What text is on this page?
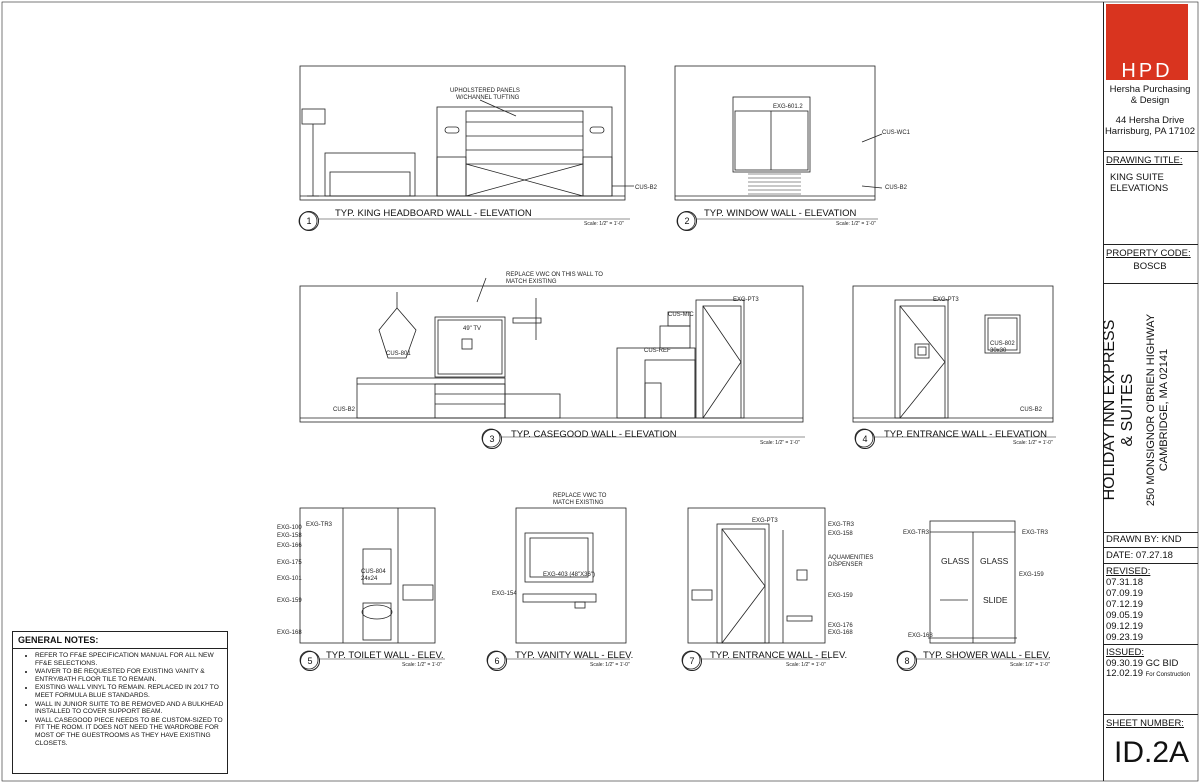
1
TYP. KING HEADBOARD WALL - ELEVATION
Scale: 1/2" = 1'-0"	2
TYP. WINDOW WALL - ELEVATION
Scale: 1/2" = 1'-0"
3	TYP. CASEGOOD WALL - ELEVATION
Scale: 1/2" = 1'-0"	4	TYP. ENTRANCE WALL - ELEVATION
Scale: 1/2" = 1'-0"
5	TYP. TOILET WALL - ELEV.
Scale: 1/2" = 1'-0"	6	TYP. VANITY WALL - ELEV.
Scale: 1/2" = 1'-0"	7	TYP. ENTRANCE WALL - ELEV.
Scale: 1/2" = 1'-0"	8	TYP. SHOWER WALL - ELEV.
Scale: 1/2" = 1'-0"
UPHOLSTERED PANELS
W/CHANNEL TUFTING
CUS-B2
EXG-601.2
CUS-WC1
CUS-B2
REPLACE VWC ON THIS WALL TO
MATCH EXISTING
49" TV
CUS-801
CUS-MIC
CUS-REF
EXG-PT3
CUS-B2
EXG-PT3
CUS-802
30x30
CUS-B2
EXG-100 EXG-TR3
EXG-158
EXG-166
EXG-175
EXG-101
EXG-159
EXG-168
CUS-804
24x24
REPLACE VWC TO
MATCH EXISTING
EXG-403 (48"X36")
EXG-154
EXG-PT3
EXG-TR3
EXG-158
AQUAMENITIES
DISPENSER
EXG-159
EXG-176
EXG-168
EXG-TR3	EXG-TR3
EXG-159
EXG-168
GLASS GLASS
SLIDE
GENERAL NOTES:
• REFER TO FF&E SPECIFICATION MANUAL FOR ALL NEW FF&E SELECTIONS.
• WAIVER TO BE REQUESTED FOR EXISTING VANITY & ENTRY/BATH FLOOR TILE TO REMAIN.
• EXISTING WALL VINYL TO REMAIN. REPLACED IN 2017 TO MEET FORMULA BLUE STANDARDS.
• WALL IN JUNIOR SUITE TO BE REMOVED AND A BULKHEAD INSTALLED TO COVER SUPPORT BEAM.
• WALL CASEGOOD PIECE NEEDS TO BE CUSTOM-SIZED TO FIT THE ROOM. IT DOES NOT NEED THE WARDROBE FOR MOST OF THE GUESTROOMS AS THEY HAVE EXISTING CLOSETS.
HPD
Hersha Purchasing
& Design
44 Hersha Drive
Harrisburg, PA 17102
DRAWING TITLE:
KING SUITE
ELEVATIONS
PROPERTY CODE:
BOSCB
HOLIDAY INN EXPRESS & SUITES 250 MONSIGNOR O'BRIEN HIGHWAY CAMBRIDGE, MA 02141
DRAWN BY: KND
DATE: 07.27.18
REVISED:
07.31.18
07.09.19
07.12.19
09.05.19
09.12.19
09.23.19
ISSUED:
09.30.19 GC BID
12.02.19 For Construction
SHEET NUMBER:
ID.2A
